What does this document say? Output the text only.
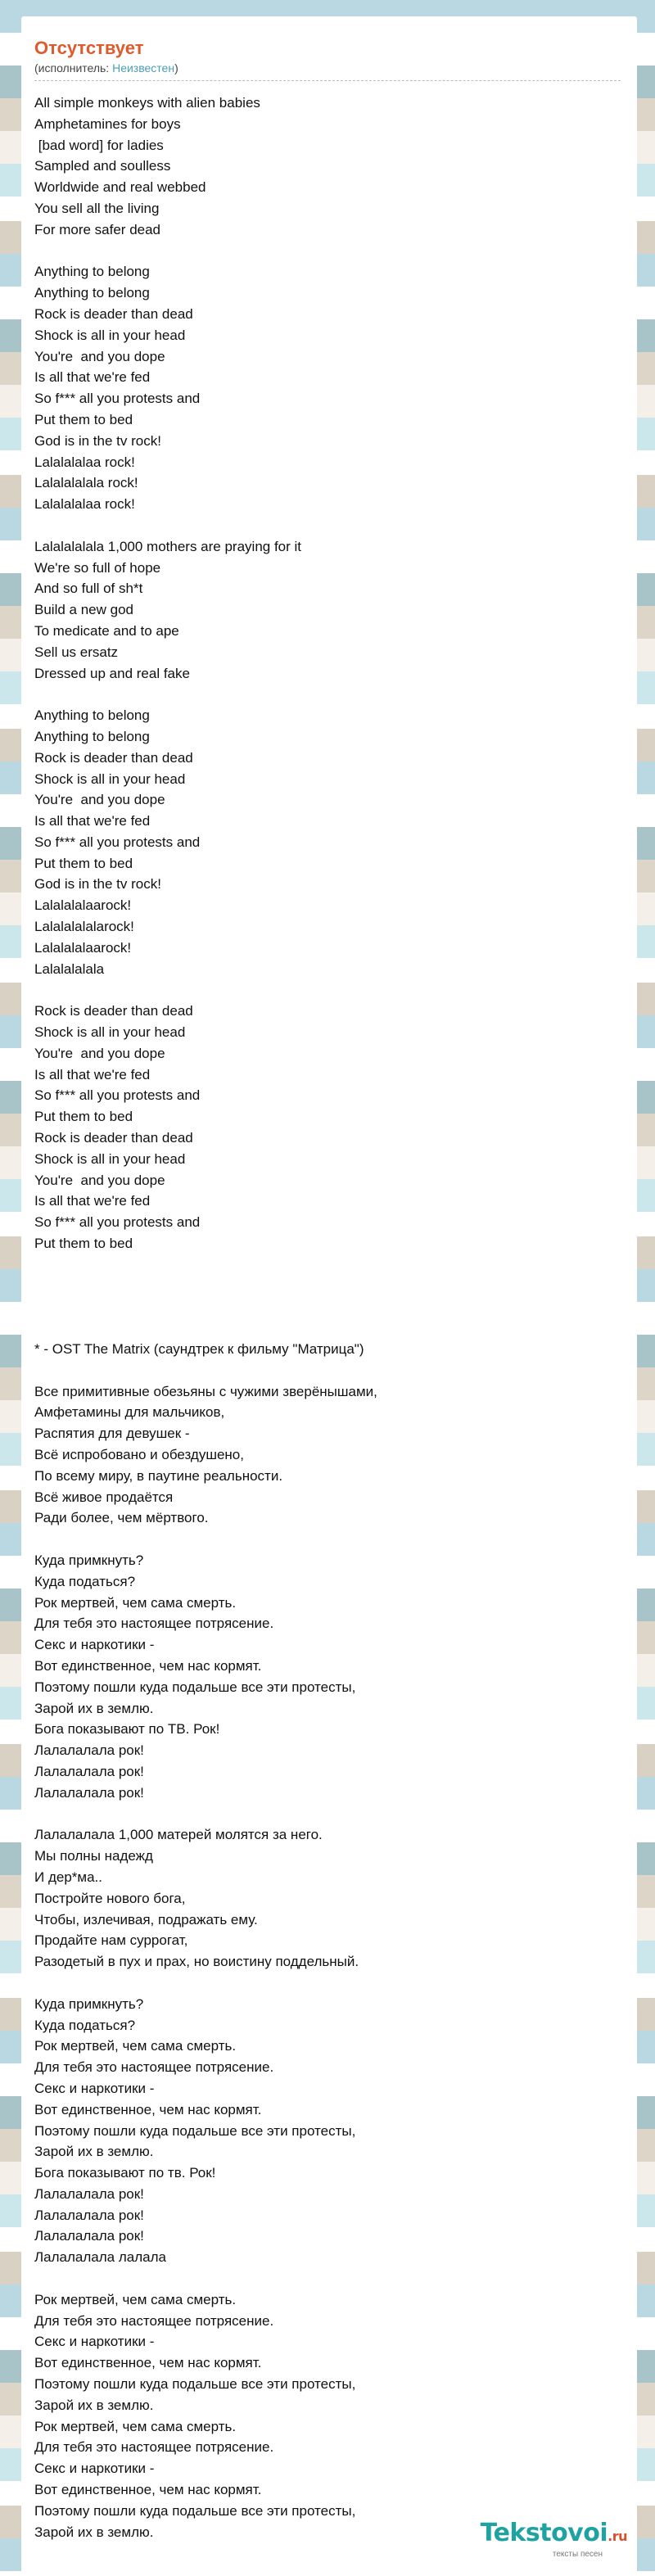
Отсутствует
(исполнитель: Неизвестен)
All simple monkeys with alien babies
Amphetamines for boys
[bad word] for ladies
Sampled and soulless
Worldwide and real webbed
You sell all the living
For more safer dead
Anything to belong
Anything to belong
Rock is deader than dead
Shock is all in your head
You're  and you dope
Is all that we're fed
So f*** all you protests and
Put them to bed
God is in the tv rock!
Lalalalalaa rock!
Lalalalalala rock!
Lalalalalaa rock!
Lalalalalala 1,000 mothers are praying for it
We're so full of hope
And so full of sh*t
Build a new god
To medicate and to ape
Sell us ersatz
Dressed up and real fake
Anything to belong
Anything to belong
Rock is deader than dead
Shock is all in your head
You're  and you dope
Is all that we're fed
So f*** all you protests and
Put them to bed
God is in the tv rock!
Lalalalalaarock!
Lalalalalalarock!
Lalalalalaarock!
Lalalalalala
Rock is deader than dead
Shock is all in your head
You're  and you dope
Is all that we're fed
So f*** all you protests and
Put them to bed
Rock is deader than dead
Shock is all in your head
You're  and you dope
Is all that we're fed
So f*** all you protests and
Put them to bed
* - OST The Matrix (саундтрек к фильму "Матрица")
Все примитивные обезьяны с чужими зверёнышами,
Амфетамины для мальчиков,
Распятия для девушек -
Всё испробовано и обездушено,
По всему миру, в паутине реальности.
Всё живое продаётся
Ради более, чем мёртвого.
Куда примкнуть?
Куда податься?
Рок мертвей, чем сама смерть.
Для тебя это настоящее потрясение.
Секс и наркотики -
Вот единственное, чем нас кормят.
Поэтому пошли куда подальше все эти протесты,
Зарой их в землю.
Бога показывают по ТВ. Рок!
Лалалалала рок!
Лалалалала рок!
Лалалалала рок!
Лалалалала 1,000 матерей молятся за него.
Мы полны надежд
И дер*ма..
Постройте нового бога,
Чтобы, излечивая, подражать ему.
Продайте нам суррогат,
Разодетый в пух и прах, но воистину поддельный.
Куда примкнуть?
Куда податься?
Рок мертвей, чем сама смерть.
Для тебя это настоящее потрясение.
Секс и наркотики -
Вот единственное, чем нас кормят.
Поэтому пошли куда подальше все эти протесты,
Зарой их в землю.
Бога показывают по тв. Рок!
Лалалалала рок!
Лалалалала рок!
Лалалалала рок!
Лалалалала лалала
Рок мертвей, чем сама смерть.
Для тебя это настоящее потрясение.
Секс и наркотики -
Вот единственное, чем нас кормят.
Поэтому пошли куда подальше все эти протесты,
Зарой их в землю.
Рок мертвей, чем сама смерть.
Для тебя это настоящее потрясение.
Секс и наркотики -
Вот единственное, чем нас кормят.
Поэтому пошли куда подальше все эти протесты,
Зарой их в землю.	Tekstovoi.ru
тексты песен
